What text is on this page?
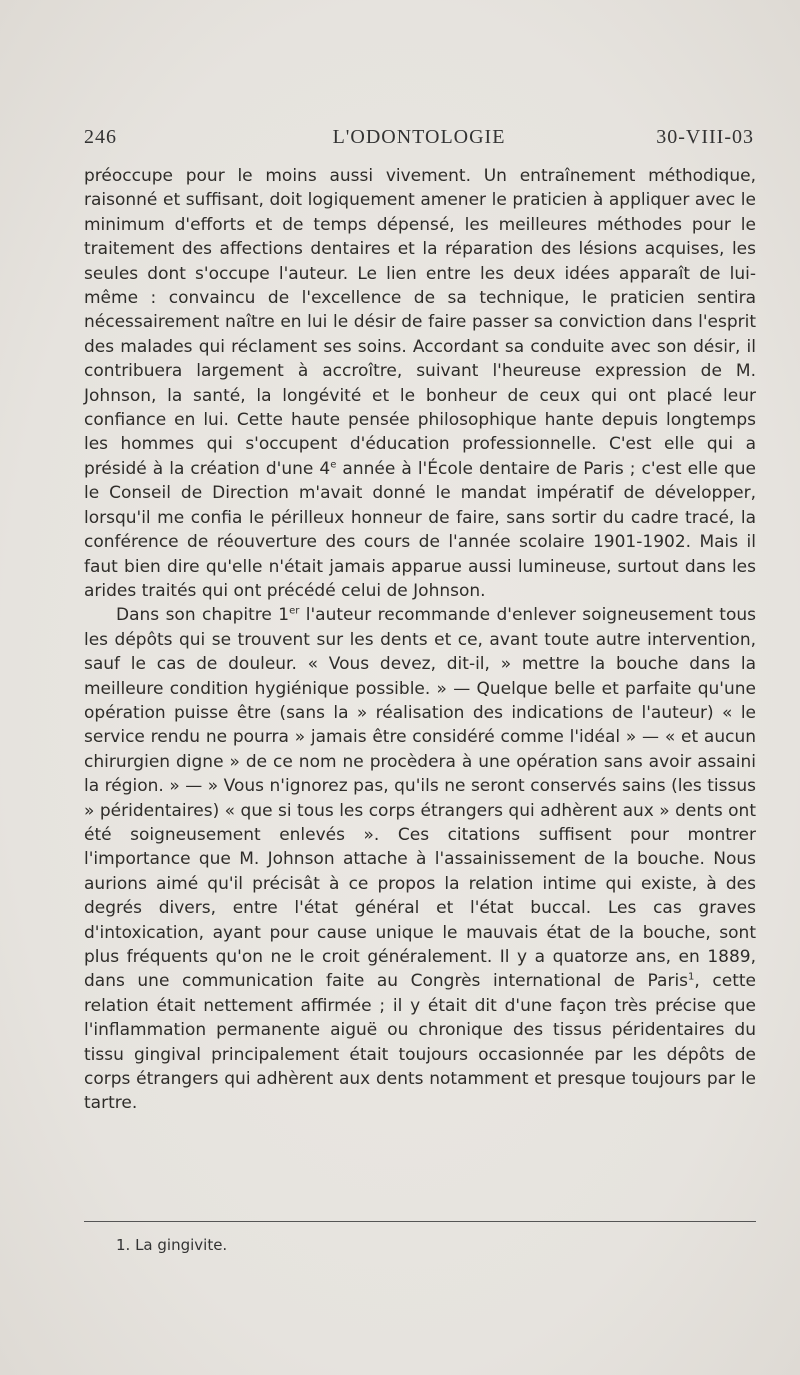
246	L'ODONTOLOGIE	30-VIII-03

préoccupe pour le moins aussi vivement. Un entraînement méthodique, raisonné et suffisant, doit logiquement amener le praticien à appliquer avec le minimum d'efforts et de temps dépensé, les meilleures méthodes pour le traitement des affections dentaires et la réparation des lésions acquises, les seules dont s'occupe l'auteur. Le lien entre les deux idées apparaît de lui-même : convaincu de l'excellence de sa technique, le praticien sentira nécessairement naître en lui le désir de faire passer sa conviction dans l'esprit des malades qui réclament ses soins. Accordant sa conduite avec son désir, il contribuera largement à accroître, suivant l'heureuse expression de M. Johnson, la santé, la longévité et le bonheur de ceux qui ont placé leur confiance en lui. Cette haute pensée philosophique hante depuis longtemps les hommes qui s'occupent d'éducation professionnelle. C'est elle qui a présidé à la création d'une 4e année à l'École dentaire de Paris ; c'est elle que le Conseil de Direction m'avait donné le mandat impératif de développer, lorsqu'il me confia le périlleux honneur de faire, sans sortir du cadre tracé, la conférence de réouverture des cours de l'année scolaire 1901-1902. Mais il faut bien dire qu'elle n'était jamais apparue aussi lumineuse, surtout dans les arides traités qui ont précédé celui de Johnson.

Dans son chapitre 1er l'auteur recommande d'enlever soigneusement tous les dépôts qui se trouvent sur les dents et ce, avant toute autre intervention, sauf le cas de douleur. « Vous devez, dit-il, » mettre la bouche dans la meilleure condition hygiénique possible. » — Quelque belle et parfaite qu'une opération puisse être (sans la » réalisation des indications de l'auteur) « le service rendu ne pourra » jamais être considéré comme l'idéal » — « et aucun chirurgien digne » de ce nom ne procèdera à une opération sans avoir assaini la région. » — » Vous n'ignorez pas, qu'ils ne seront conservés sains (les tissus » péridentaires) « que si tous les corps étrangers qui adhèrent aux » dents ont été soigneusement enlevés ». Ces citations suffisent pour montrer l'importance que M. Johnson attache à l'assainissement de la bouche. Nous aurions aimé qu'il précisât à ce propos la relation intime qui existe, à des degrés divers, entre l'état général et l'état buccal. Les cas graves d'intoxication, ayant pour cause unique le mauvais état de la bouche, sont plus fréquents qu'on ne le croit généralement. Il y a quatorze ans, en 1889, dans une communication faite au Congrès international de Paris$^1$, cette relation était nettement affirmée ; il y était dit d'une façon très précise que l'inflammation permanente aiguë ou chronique des tissus péridentaires du tissu gingival principalement était toujours occasionnée par les dépôts de corps étrangers qui adhèrent aux dents notamment et presque toujours par le tartre.

1. La gingivite.
